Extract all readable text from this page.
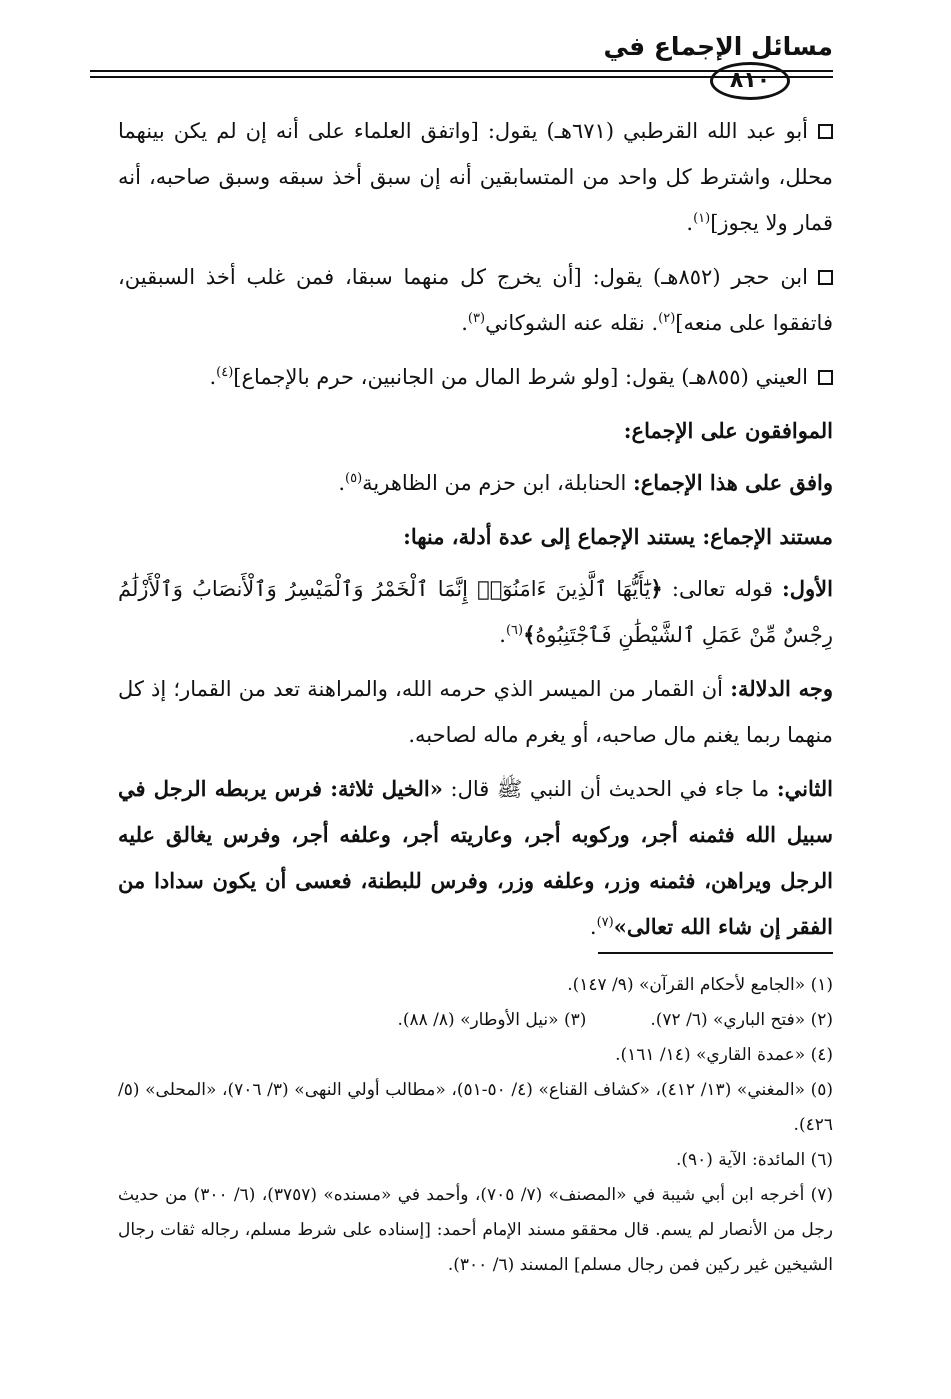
مسائل الإجماع في
٨١٠

أبو عبد الله القرطبي (٦٧١هـ) يقول: [واتفق العلماء على أنه إن لم يكن بينهما محلل، واشترط كل واحد من المتسابقين أنه إن سبق أخذ سبقه وسبق صاحبه، أنه قمار ولا يجوز]$^{(١)}$.

ابن حجر (٨٥٢هـ) يقول: [أن يخرج كل منهما سبقا، فمن غلب أخذ السبقين، فاتفقوا على منعه]$^{(٢)}$. نقله عنه الشوكاني$^{(٣)}$.

العيني (٨٥٥هـ) يقول: [ولو شرط المال من الجانبين، حرم بالإجماع]$^{(٤)}$.

الموافقون على الإجماع:

وافق على هذا الإجماع: الحنابلة، ابن حزم من الظاهرية$^{(٥)}$.

مستند الإجماع: يستند الإجماع إلى عدة أدلة، منها:

الأول: قوله تعالى: ﴿يَٰٓأَيُّهَا ٱلَّذِينَ ءَامَنُوٓا۟ إِنَّمَا ٱلْخَمْرُ وَٱلْمَيْسِرُ وَٱلْأَنصَابُ وَٱلْأَزْلَٰمُ رِجْسٌ مِّنْ عَمَلِ ٱلشَّيْطَٰنِ فَٱجْتَنِبُوهُ﴾$^{(٦)}$.

وجه الدلالة: أن القمار من الميسر الذي حرمه الله، والمراهنة تعد من القمار؛ إذ كل منهما ربما يغنم مال صاحبه، أو يغرم ماله لصاحبه.

الثاني: ما جاء في الحديث أن النبي ﷺ قال: «الخيل ثلاثة: فرس يربطه الرجل في سبيل الله فثمنه أجر، وركوبه أجر، وعاريته أجر، وعلفه أجر، وفرس يغالق عليه الرجل ويراهن، فثمنه وزر، وعلفه وزر، وفرس للبطنة، فعسى أن يكون سدادا من الفقر إن شاء الله تعالى»$^{(٧)}$.

(١) «الجامع لأحكام القرآن» (٩/ ١٤٧).

(٢) «فتح الباري» (٦/ ٧٢).
(٣) «نيل الأوطار» (٨/ ٨٨).

(٤) «عمدة القاري» (١٤/ ١٦١).

(٥) «المغني» (١٣/ ٤١٢)، «كشاف القناع» (٤/ ٥٠-٥١)، «مطالب أولي النهى» (٣/ ٧٠٦)، «المحلى» (٥/ ٤٢٦).

(٦) المائدة: الآية (٩٠).

(٧) أخرجه ابن أبي شيبة في «المصنف» (٧/ ٧٠٥)، وأحمد في «مسنده» (٣٧٥٧)، (٦/ ٣٠٠) من حديث رجل من الأنصار لم يسم. قال محققو مسند الإمام أحمد: [إسناده على شرط مسلم، رجاله ثقات رجال الشيخين غير ركين فمن رجال مسلم] المسند (٦/ ٣٠٠).
